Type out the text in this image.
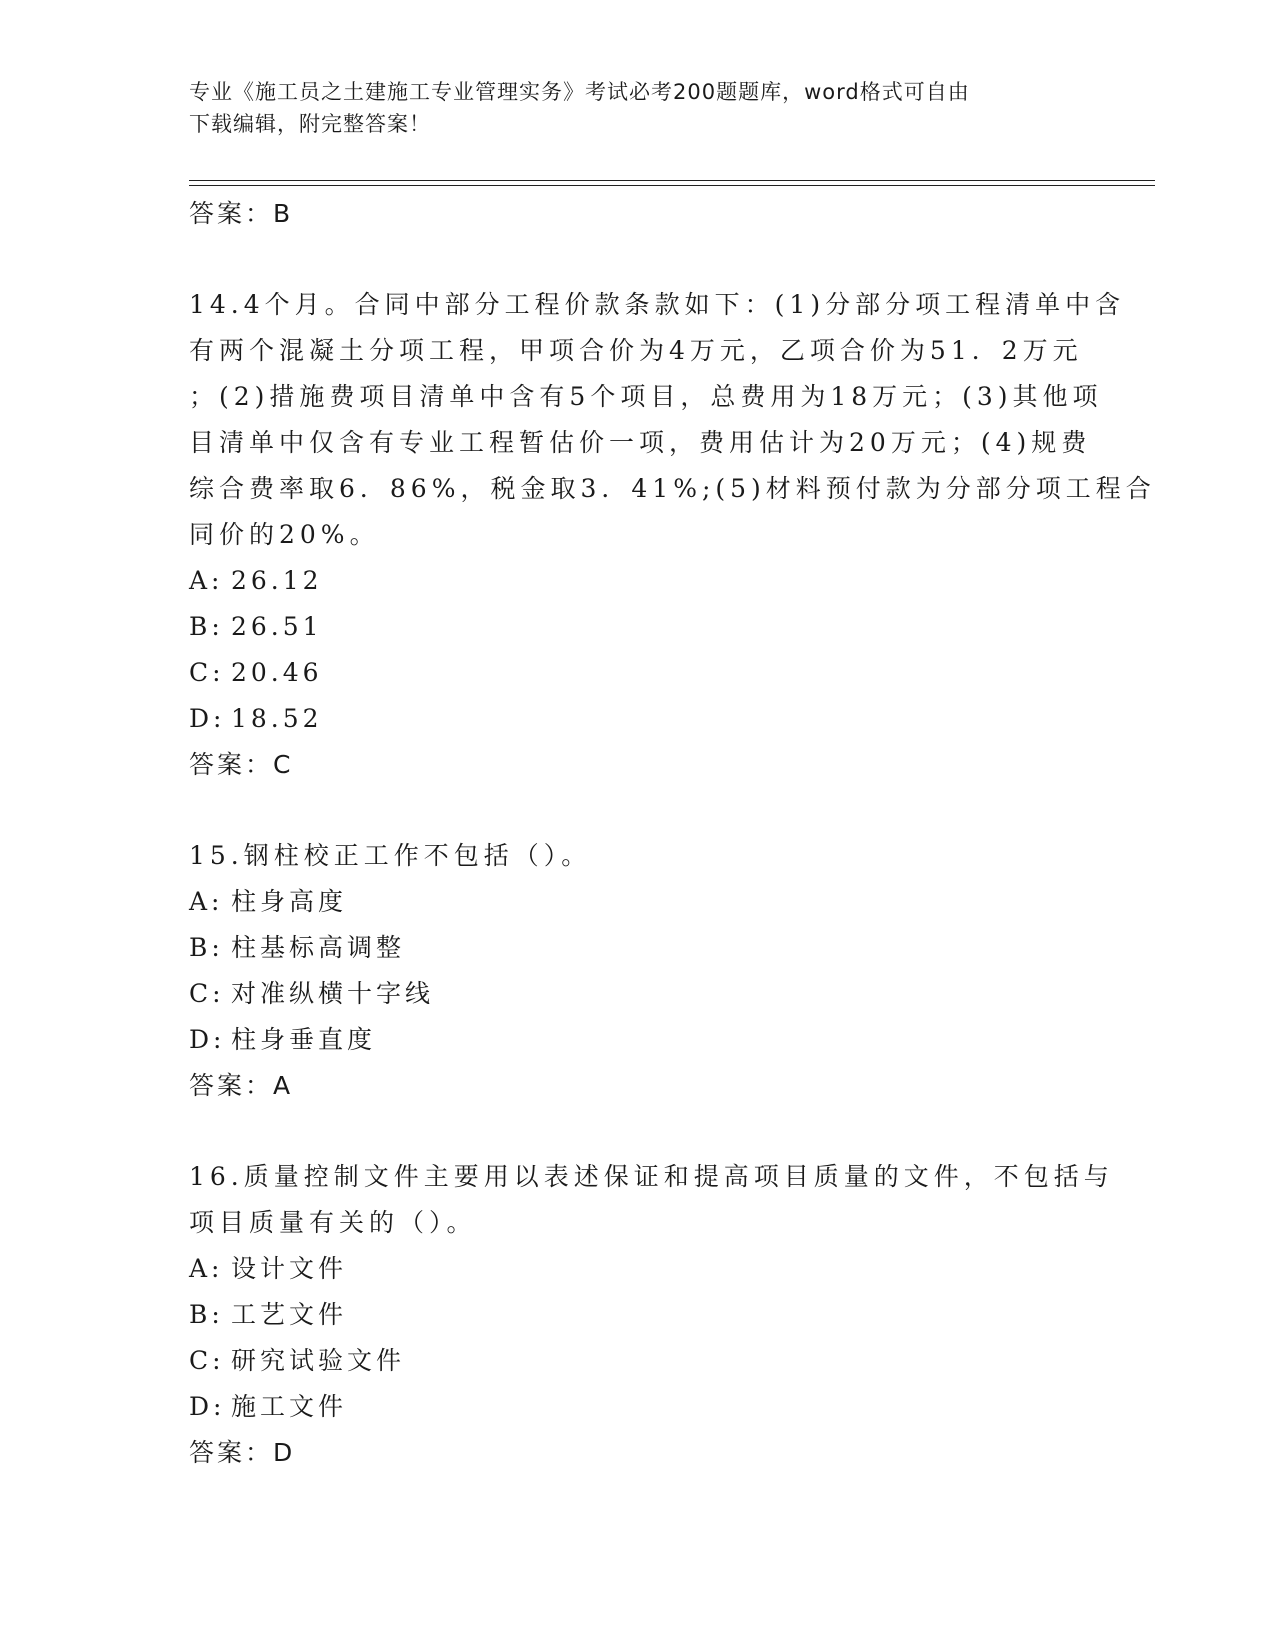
专业《施工员之土建施工专业管理实务》考试必考200题题库，word格式可自由
下载编辑，附完整答案！
答案：B
14.4个月。合同中部分工程价款条款如下：(1)分部分项工程清单中含
有两个混凝土分项工程，甲项合价为4万元，乙项合价为51．2万元
；(2)措施费项目清单中含有5个项目，总费用为18万元；(3)其他项
目清单中仅含有专业工程暂估价一项，费用估计为20万元；(4)规费
综合费率取6．86%，税金取3．41%;(5)材料预付款为分部分项工程合
同价的20%。
A: 26.12
B: 26.51
C: 20.46
D: 18.52
答案：C
15.钢柱校正工作不包括（）。
A: 柱身高度
B: 柱基标高调整
C: 对准纵横十字线
D: 柱身垂直度
答案：A
16.质量控制文件主要用以表述保证和提高项目质量的文件，不包括与
项目质量有关的（）。
A: 设计文件
B: 工艺文件
C: 研究试验文件
D: 施工文件
答案：D
